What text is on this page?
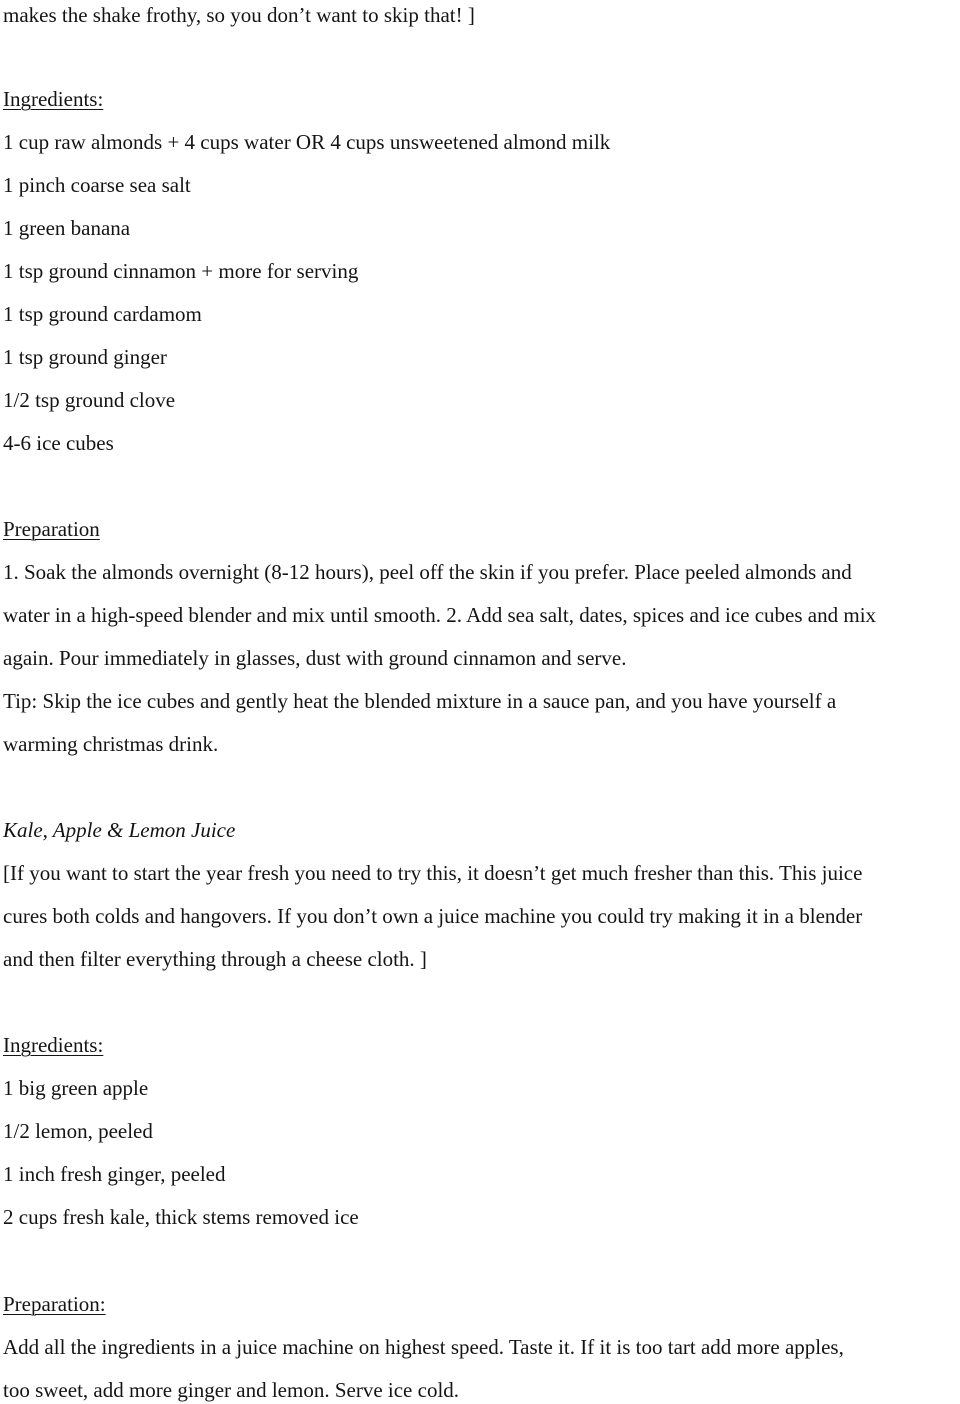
makes the shake frothy, so you don’t want to skip that! ]
Ingredients:
1 cup raw almonds + 4 cups water OR 4 cups unsweetened almond milk
1 pinch coarse sea salt
1 green banana
1 tsp ground cinnamon + more for serving
1 tsp ground cardamom
1 tsp ground ginger
1/2 tsp ground clove
4-6 ice cubes
Preparation
1. Soak the almonds overnight (8-12 hours), peel off the skin if you prefer. Place peeled almonds and
water in a high-speed blender and mix until smooth. 2. Add sea salt, dates, spices and ice cubes and mix
again. Pour immediately in glasses, dust with ground cinnamon and serve.
Tip: Skip the ice cubes and gently heat the blended mixture in a sauce pan, and you have yourself a
warming christmas drink.
Kale, Apple & Lemon Juice
[If you want to start the year fresh you need to try this, it doesn’t get much fresher than this. This juice
cures both colds and hangovers. If you don’t own a juice machine you could try making it in a blender
and then filter everything through a cheese cloth. ]
Ingredients:
1 big green apple
1/2 lemon, peeled
1 inch fresh ginger, peeled
2 cups fresh kale, thick stems removed ice
Preparation:
Add all the ingredients in a juice machine on highest speed. Taste it. If it is too tart add more apples,
too sweet, add more ginger and lemon. Serve ice cold.
